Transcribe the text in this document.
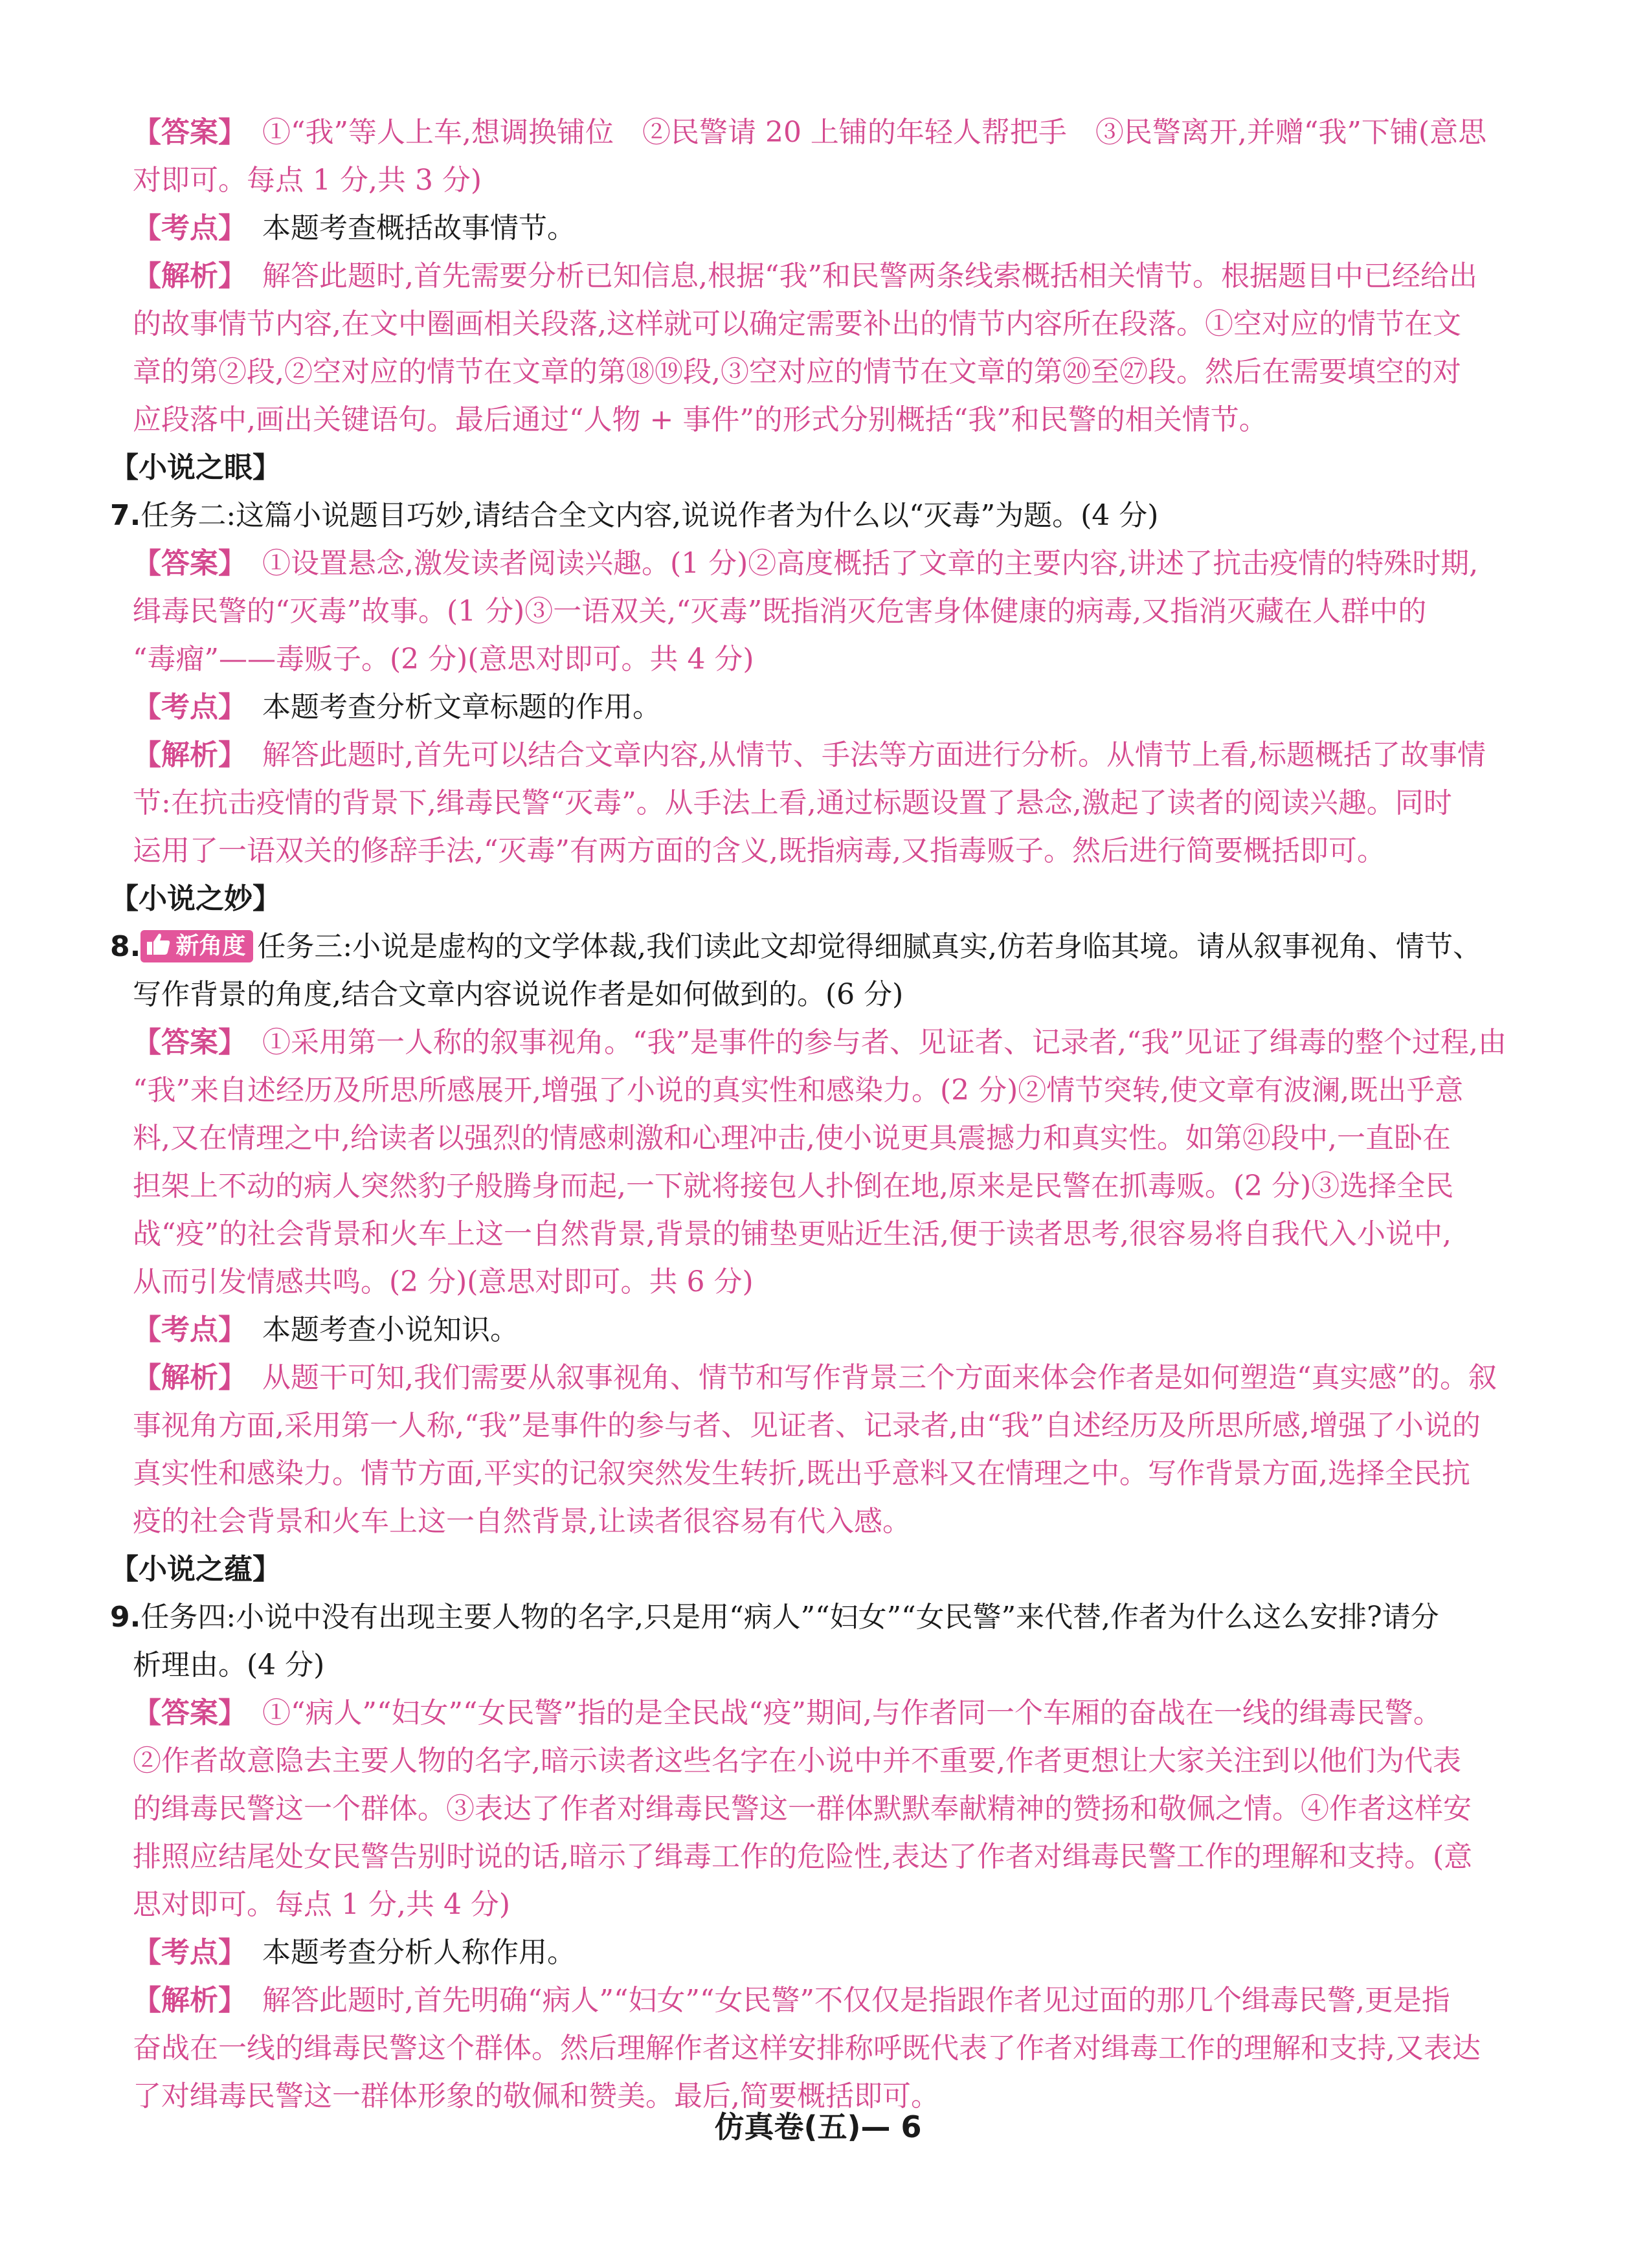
【答案】 ①“我”等人上车,想调换铺位　②民警请 20 上铺的年轻人帮把手　③民警离开,并赠“我”下铺(意思

对即可。每点 1 分,共 3 分)

【考点】 本题考查概括故事情节。

【解析】 解答此题时,首先需要分析已知信息,根据“我”和民警两条线索概括相关情节。根据题目中已经给出

的故事情节内容,在文中圈画相关段落,这样就可以确定需要补出的情节内容所在段落。①空对应的情节在文

章的第②段,②空对应的情节在文章的第⑱⑲段,③空对应的情节在文章的第⑳至㉗段。然后在需要填空的对

应段落中,画出关键语句。最后通过“人物 + 事件”的形式分别概括“我”和民警的相关情节。

【小说之眼】

7.任务二:这篇小说题目巧妙,请结合全文内容,说说作者为什么以“灭毒”为题。(4 分)

【答案】 ①设置悬念,激发读者阅读兴趣。(1 分)②高度概括了文章的主要内容,讲述了抗击疫情的特殊时期,

缉毒民警的“灭毒”故事。(1 分)③一语双关,“灭毒”既指消灭危害身体健康的病毒,又指消灭藏在人群中的

“毒瘤”——毒贩子。(2 分)(意思对即可。共 4 分)

【考点】 本题考查分析文章标题的作用。

【解析】 解答此题时,首先可以结合文章内容,从情节、手法等方面进行分析。从情节上看,标题概括了故事情

节:在抗击疫情的背景下,缉毒民警“灭毒”。从手法上看,通过标题设置了悬念,激起了读者的阅读兴趣。同时

运用了一语双关的修辞手法,“灭毒”有两方面的含义,既指病毒,又指毒贩子。然后进行简要概括即可。

【小说之妙】

8. 新角度 任务三:小说是虚构的文学体裁,我们读此文却觉得细腻真实,仿若身临其境。请从叙事视角、情节、

写作背景的角度,结合文章内容说说作者是如何做到的。(6 分)

【答案】 ①采用第一人称的叙事视角。“我”是事件的参与者、见证者、记录者,“我”见证了缉毒的整个过程,由

“我”来自述经历及所思所感展开,增强了小说的真实性和感染力。(2 分)②情节突转,使文章有波澜,既出乎意

料,又在情理之中,给读者以强烈的情感刺激和心理冲击,使小说更具震撼力和真实性。如第㉑段中,一直卧在

担架上不动的病人突然豹子般腾身而起,一下就将接包人扑倒在地,原来是民警在抓毒贩。(2 分)③选择全民

战“疫”的社会背景和火车上这一自然背景,背景的铺垫更贴近生活,便于读者思考,很容易将自我代入小说中,

从而引发情感共鸣。(2 分)(意思对即可。共 6 分)

【考点】 本题考查小说知识。

【解析】 从题干可知,我们需要从叙事视角、情节和写作背景三个方面来体会作者是如何塑造“真实感”的。叙

事视角方面,采用第一人称,“我”是事件的参与者、见证者、记录者,由“我”自述经历及所思所感,增强了小说的

真实性和感染力。情节方面,平实的记叙突然发生转折,既出乎意料又在情理之中。写作背景方面,选择全民抗

疫的社会背景和火车上这一自然背景,让读者很容易有代入感。

【小说之蕴】

9.任务四:小说中没有出现主要人物的名字,只是用“病人”“妇女”“女民警”来代替,作者为什么这么安排?请分

析理由。(4 分)

【答案】 ①“病人”“妇女”“女民警”指的是全民战“疫”期间,与作者同一个车厢的奋战在一线的缉毒民警。

②作者故意隐去主要人物的名字,暗示读者这些名字在小说中并不重要,作者更想让大家关注到以他们为代表

的缉毒民警这一个群体。③表达了作者对缉毒民警这一群体默默奉献精神的赞扬和敬佩之情。④作者这样安

排照应结尾处女民警告别时说的话,暗示了缉毒工作的危险性,表达了作者对缉毒民警工作的理解和支持。(意

思对即可。每点 1 分,共 4 分)

【考点】 本题考查分析人称作用。

【解析】 解答此题时,首先明确“病人”“妇女”“女民警”不仅仅是指跟作者见过面的那几个缉毒民警,更是指

奋战在一线的缉毒民警这个群体。然后理解作者这样安排称呼既代表了作者对缉毒工作的理解和支持,又表达

了对缉毒民警这一群体形象的敬佩和赞美。最后,简要概括即可。

仿真卷(五)— 6
